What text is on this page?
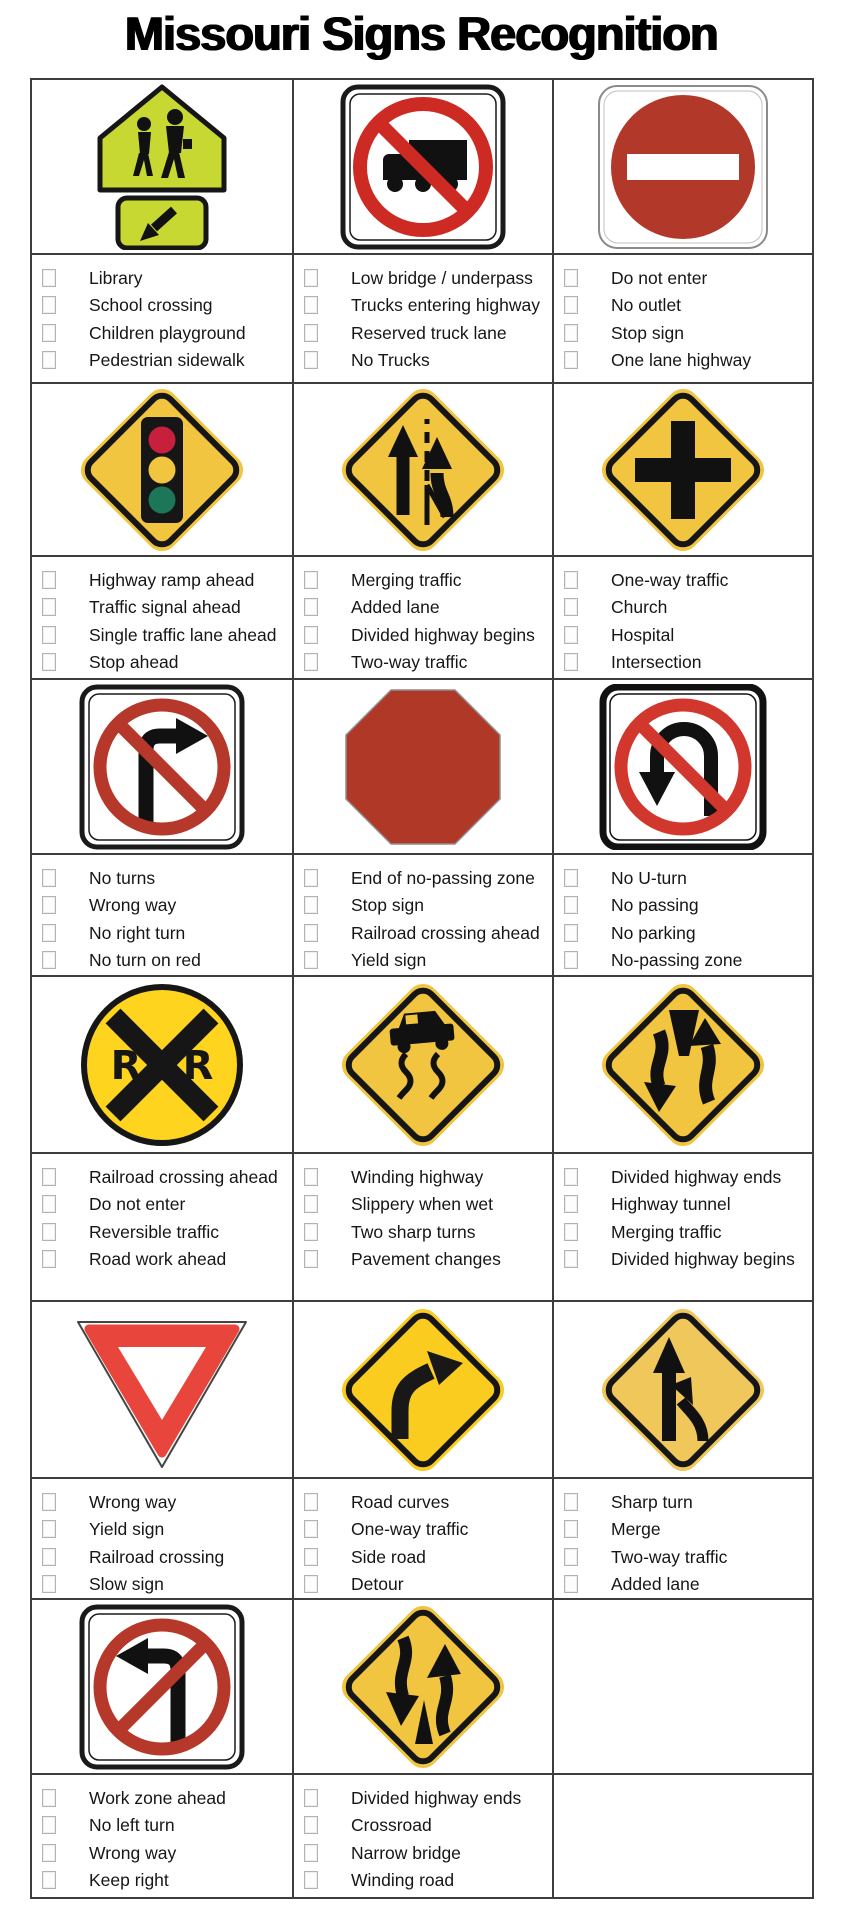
Missouri Signs Recognition
Library
School crossing
Children playground
Pedestrian sidewalk
Low bridge / underpass
Trucks entering highway
Reserved truck lane
No Trucks
Do not enter
No outlet
Stop sign
One lane highway
Highway ramp ahead
Traffic signal ahead
Single traffic lane ahead
Stop ahead
Merging traffic
Added lane
Divided highway begins
Two-way traffic
One-way traffic
Church
Hospital
Intersection
No turns
Wrong way
No right turn
No turn on red
End of no-passing zone
Stop sign
Railroad crossing ahead
Yield sign
No U-turn
No passing
No parking
No-passing zone
R R
Railroad crossing ahead
Do not enter
Reversible traffic
Road work ahead
Winding highway
Slippery when wet
Two sharp turns
Pavement changes
Divided highway ends
Highway tunnel
Merging traffic
Divided highway begins
Wrong way
Yield sign
Railroad crossing
Slow sign
Road curves
One-way traffic
Side road
Detour
Sharp turn
Merge
Two-way traffic
Added lane
Work zone ahead
No left turn
Wrong way
Keep right
Divided highway ends
Crossroad
Narrow bridge
Winding road
